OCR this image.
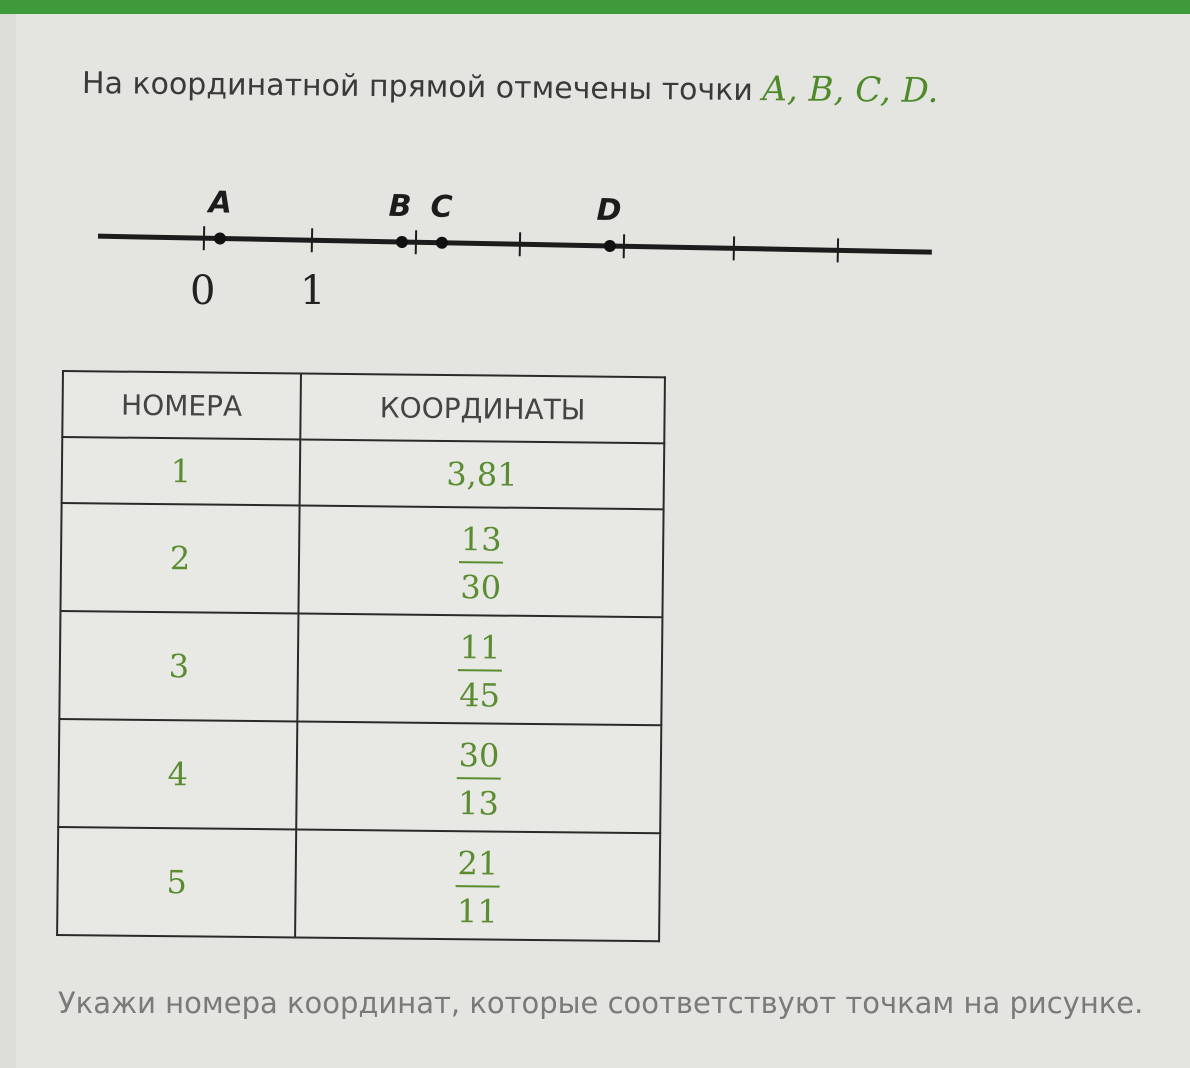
На координатной прямой отмечены точки A, B, C, D.
A	B C	D
0 1
НОМЕРА	КООРДИНАТЫ
1	3,81
2	$\frac{13}{30}$

3	$\frac{11}{45}$

4	$\frac{30}{13}$

5	$\frac{21}{11}$
Укажи номера координат, которые соответствуют точкам на рисунке.
